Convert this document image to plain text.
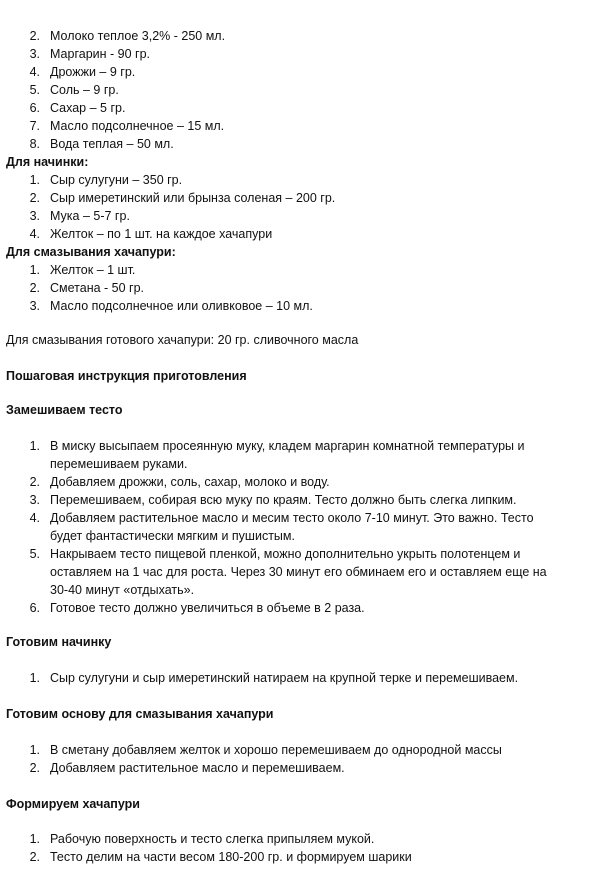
2. Молоко теплое 3,2% - 250 мл.
3. Маргарин - 90 гр.
4. Дрожжи – 9 гр.
5. Соль – 9 гр.
6. Сахар – 5 гр.
7. Масло подсолнечное – 15 мл.
8. Вода теплая – 50 мл.
Для начинки:
1. Сыр сулугуни – 350 гр.
2. Сыр имеретинский или брынза соленая – 200 гр.
3. Мука – 5-7 гр.
4. Желток – по 1 шт. на каждое хачапури
Для смазывания хачапури:
1. Желток – 1 шт.
2. Сметана - 50 гр.
3. Масло подсолнечное или оливковое – 10 мл.
Для смазывания готового хачапури: 20 гр. сливочного масла
Пошаговая инструкция приготовления
Замешиваем тесто
1. В миску высыпаем просеянную муку, кладем маргарин комнатной температуры и
перемешиваем руками.
2. Добавляем дрожжи, соль, сахар, молоко и воду.
3. Перемешиваем, собирая всю муку по краям. Тесто должно быть слегка липким.
4. Добавляем растительное масло и месим тесто около 7-10 минут. Это важно. Тесто
будет фантастически мягким и пушистым.
5. Накрываем тесто пищевой пленкой, можно дополнительно укрыть полотенцем и
оставляем на 1 час для роста. Через 30 минут его обминаем его и оставляем еще на
30-40 минут «отдыхать».
6. Готовое тесто должно увеличиться в объеме в 2 раза.
Готовим начинку
1. Сыр сулугуни и сыр имеретинский натираем на крупной терке и перемешиваем.
Готовим основу для смазывания хачапури
1. В сметану добавляем желток и хорошо перемешиваем до однородной массы
2. Добавляем растительное масло и перемешиваем.
Формируем хачапури
1. Рабочую поверхность и тесто слегка припыляем мукой.
2. Тесто делим на части весом 180-200 гр. и формируем шарики
